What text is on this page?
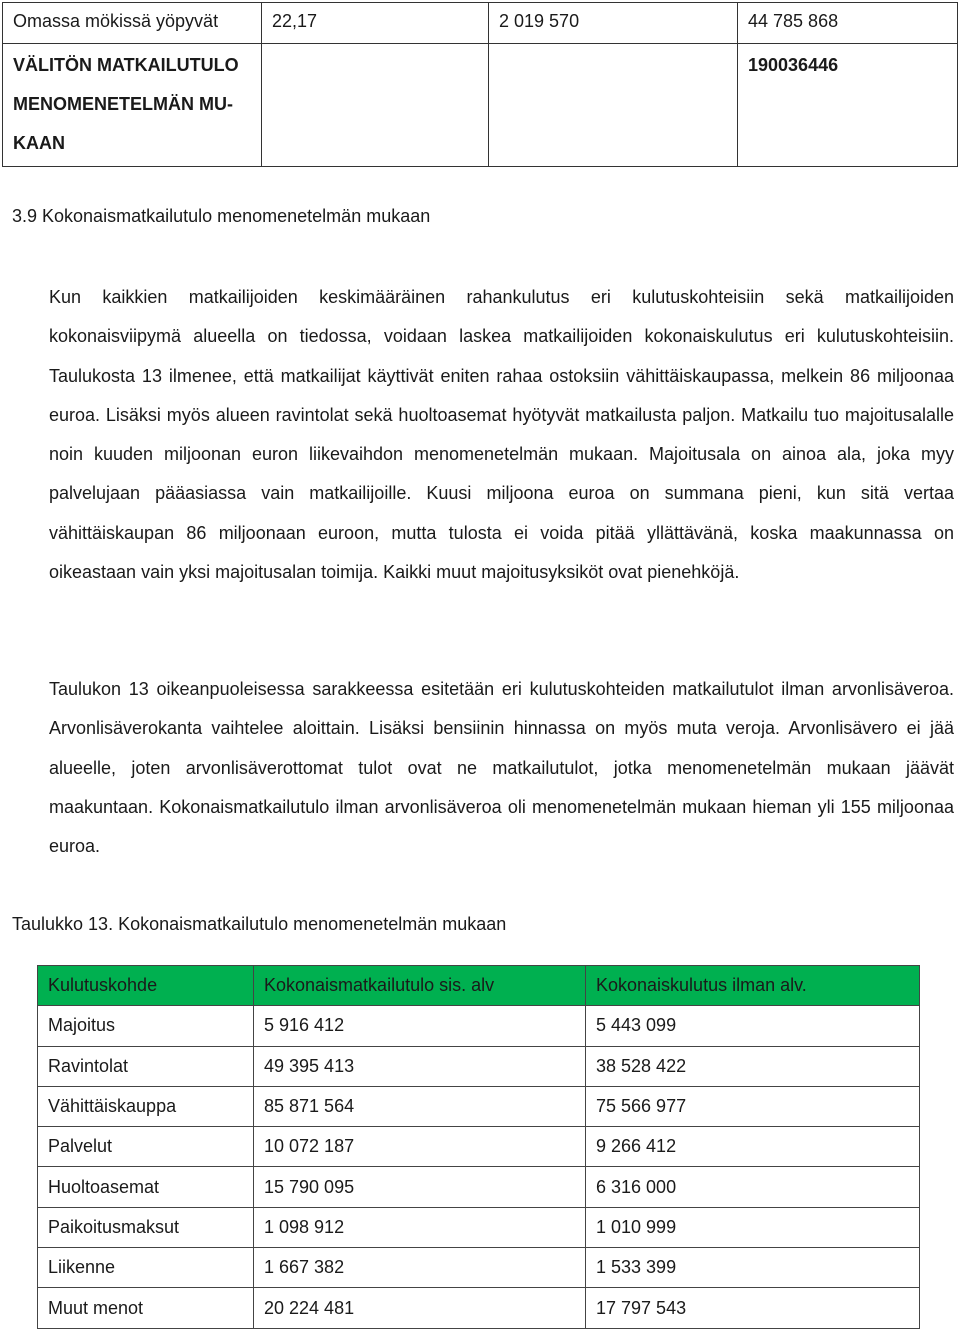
Omassa mökissä yöpyvät	22,17	2 019 570	44 785 868
VÄLITÖN MATKAILUTULO MENOMENETELMÄN MU-KAAN			190036446
3.9 Kokonaismatkailutulo menomenetelmän mukaan
Kun kaikkien matkailijoiden keskimääräinen rahankulutus eri kulutuskohteisiin sekä matkailijoiden kokonaisviipymä alueella on tiedossa, voidaan laskea matkailijoiden kokonaiskulutus eri kulutuskohteisiin. Taulukosta 13 ilmenee, että matkailijat käyttivät eniten rahaa ostoksiin vähittäiskaupassa, melkein 86 miljoonaa euroa. Lisäksi myös alueen ravintolat sekä huoltoasemat hyötyvät matkailusta paljon. Matkailu tuo majoitusalalle noin kuuden miljoonan euron liikevaihdon menomenetelmän mukaan. Majoitusala on ainoa ala, joka myy palvelujaan pääasiassa vain matkailijoille. Kuusi miljoona euroa on summana pieni, kun sitä vertaa vähittäiskaupan 86 miljoonaan euroon, mutta tulosta ei voida pitää yllättävänä, koska maakunnassa on oikeastaan vain yksi majoitusalan toimija. Kaikki muut majoitusyksiköt ovat pienehköjä.
Taulukon 13 oikeanpuoleisessa sarakkeessa esitetään eri kulutuskohteiden matkailutulot ilman arvonlisäveroa. Arvonlisäverokanta vaihtelee aloittain. Lisäksi bensiinin hinnassa on myös muta veroja. Arvonlisävero ei jää alueelle, joten arvonlisäverottomat tulot ovat ne matkailutulot, jotka menomenetelmän mukaan jäävät maakuntaan. Kokonaismatkailutulo ilman arvonlisäveroa oli menomenetelmän mukaan hieman yli 155 miljoonaa euroa.
Taulukko 13. Kokonaismatkailutulo menomenetelmän mukaan
Kulutuskohde	Kokonaismatkailutulo sis. alv	Kokonaiskulutus ilman alv.
Majoitus	5 916 412	5 443 099
Ravintolat	49 395 413	38 528 422
Vähittäiskauppa	85 871 564	75 566 977
Palvelut	10 072 187	9 266 412
Huoltoasemat	15 790 095	6 316 000
Paikoitusmaksut	1 098 912	1 010 999
Liikenne	1 667 382	1 533 399
Muut menot	20 224 481	17 797 543
